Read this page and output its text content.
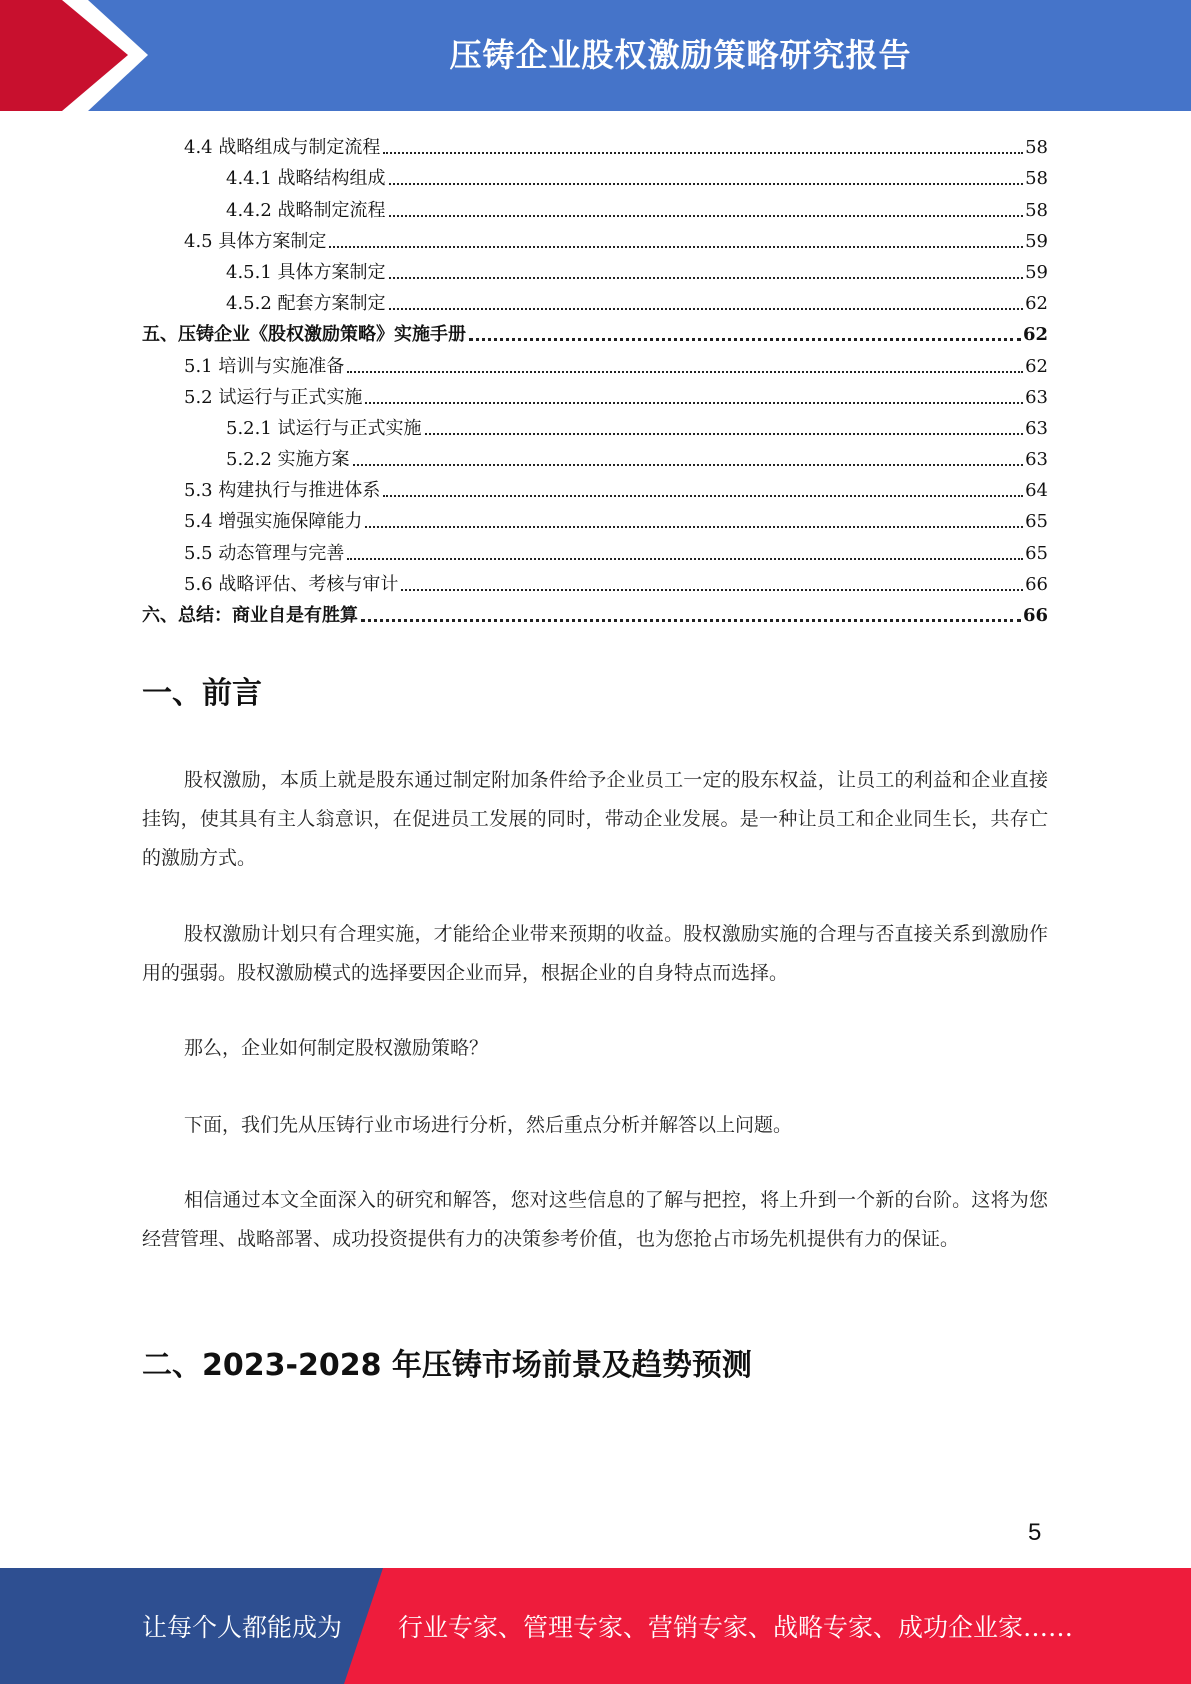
压铸企业股权激励策略研究报告
4.4 战略组成与制定流程	58
4.4.1 战略结构组成	58
4.4.2 战略制定流程	58
4.5 具体方案制定	59
4.5.1 具体方案制定	59
4.5.2 配套方案制定	62
五、压铸企业《股权激励策略》实施手册	62
5.1 培训与实施准备	62
5.2 试运行与正式实施	63
5.2.1 试运行与正式实施	63
5.2.2 实施方案	63
5.3 构建执行与推进体系	64
5.4 增强实施保障能力	65
5.5 动态管理与完善	65
5.6 战略评估、考核与审计	66
六、总结：商业自是有胜算	66
一、前言
股权激励，本质上就是股东通过制定附加条件给予企业员工一定的股东权益，让员工的利益和企业直接挂钩，使其具有主人翁意识，在促进员工发展的同时，带动企业发展。是一种让员工和企业同生长，共存亡的激励方式。
股权激励计划只有合理实施，才能给企业带来预期的收益。股权激励实施的合理与否直接关系到激励作用的强弱。股权激励模式的选择要因企业而异，根据企业的自身特点而选择。
那么，企业如何制定股权激励策略？
下面，我们先从压铸行业市场进行分析，然后重点分析并解答以上问题。
相信通过本文全面深入的研究和解答，您对这些信息的了解与把控，将上升到一个新的台阶。这将为您经营管理、战略部署、成功投资提供有力的决策参考价值，也为您抢占市场先机提供有力的保证。
二、2023-2028 年压铸市场前景及趋势预测
5
让每个人都能成为 行业专家、管理专家、营销专家、战略专家、成功企业家……
